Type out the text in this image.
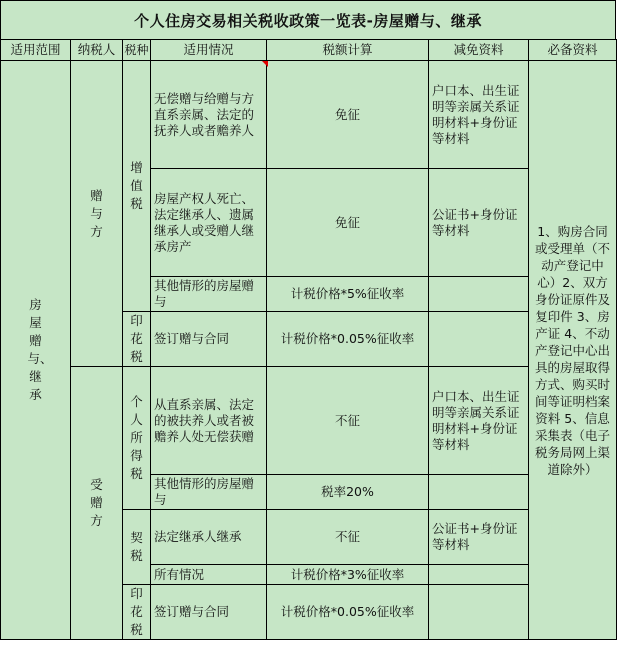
个人住房交易相关税收政策一览表-房屋赠与、继承
适用范围	纳税人	税种	适用情况	税额计算	减免资料	必备资料

房屋赠与、继承	赠与方	增值税	无偿赠与给赠与方直系亲属、法定的抚养人或者赡养人	免征	户口本、出生证明等亲属关系证明材料+身份证等材料	1、购房合同或受理单（不动产登记中心）2、双方身份证原件及复印件 3、房产证 4、不动产登记中心出具的房屋取得方式、购买时间等证明档案资料 5、信息采集表（电子税务局网上渠道除外）

			房屋产权人死亡、法定继承人、遗属继承人或受赠人继承房产	免征	公证书+身份证等材料	
			其他情形的房屋赠与	计税价格*5%征收率		

		印花税	签订赠与合同	计税价格*0.05%征收率		

	受赠方	个人所得税	从直系亲属、法定的被扶养人或者被赡养人处无偿获赠	不征	户口本、出生证明等亲属关系证明材料+身份证等材料	
			其他情形的房屋赠与	税率20%		

		契税	法定继承人继承	不征	公证书+身份证等材料	
			所有情况	计税价格*3%征收率		

		印花税	签订赠与合同	计税价格*0.05%征收率		
